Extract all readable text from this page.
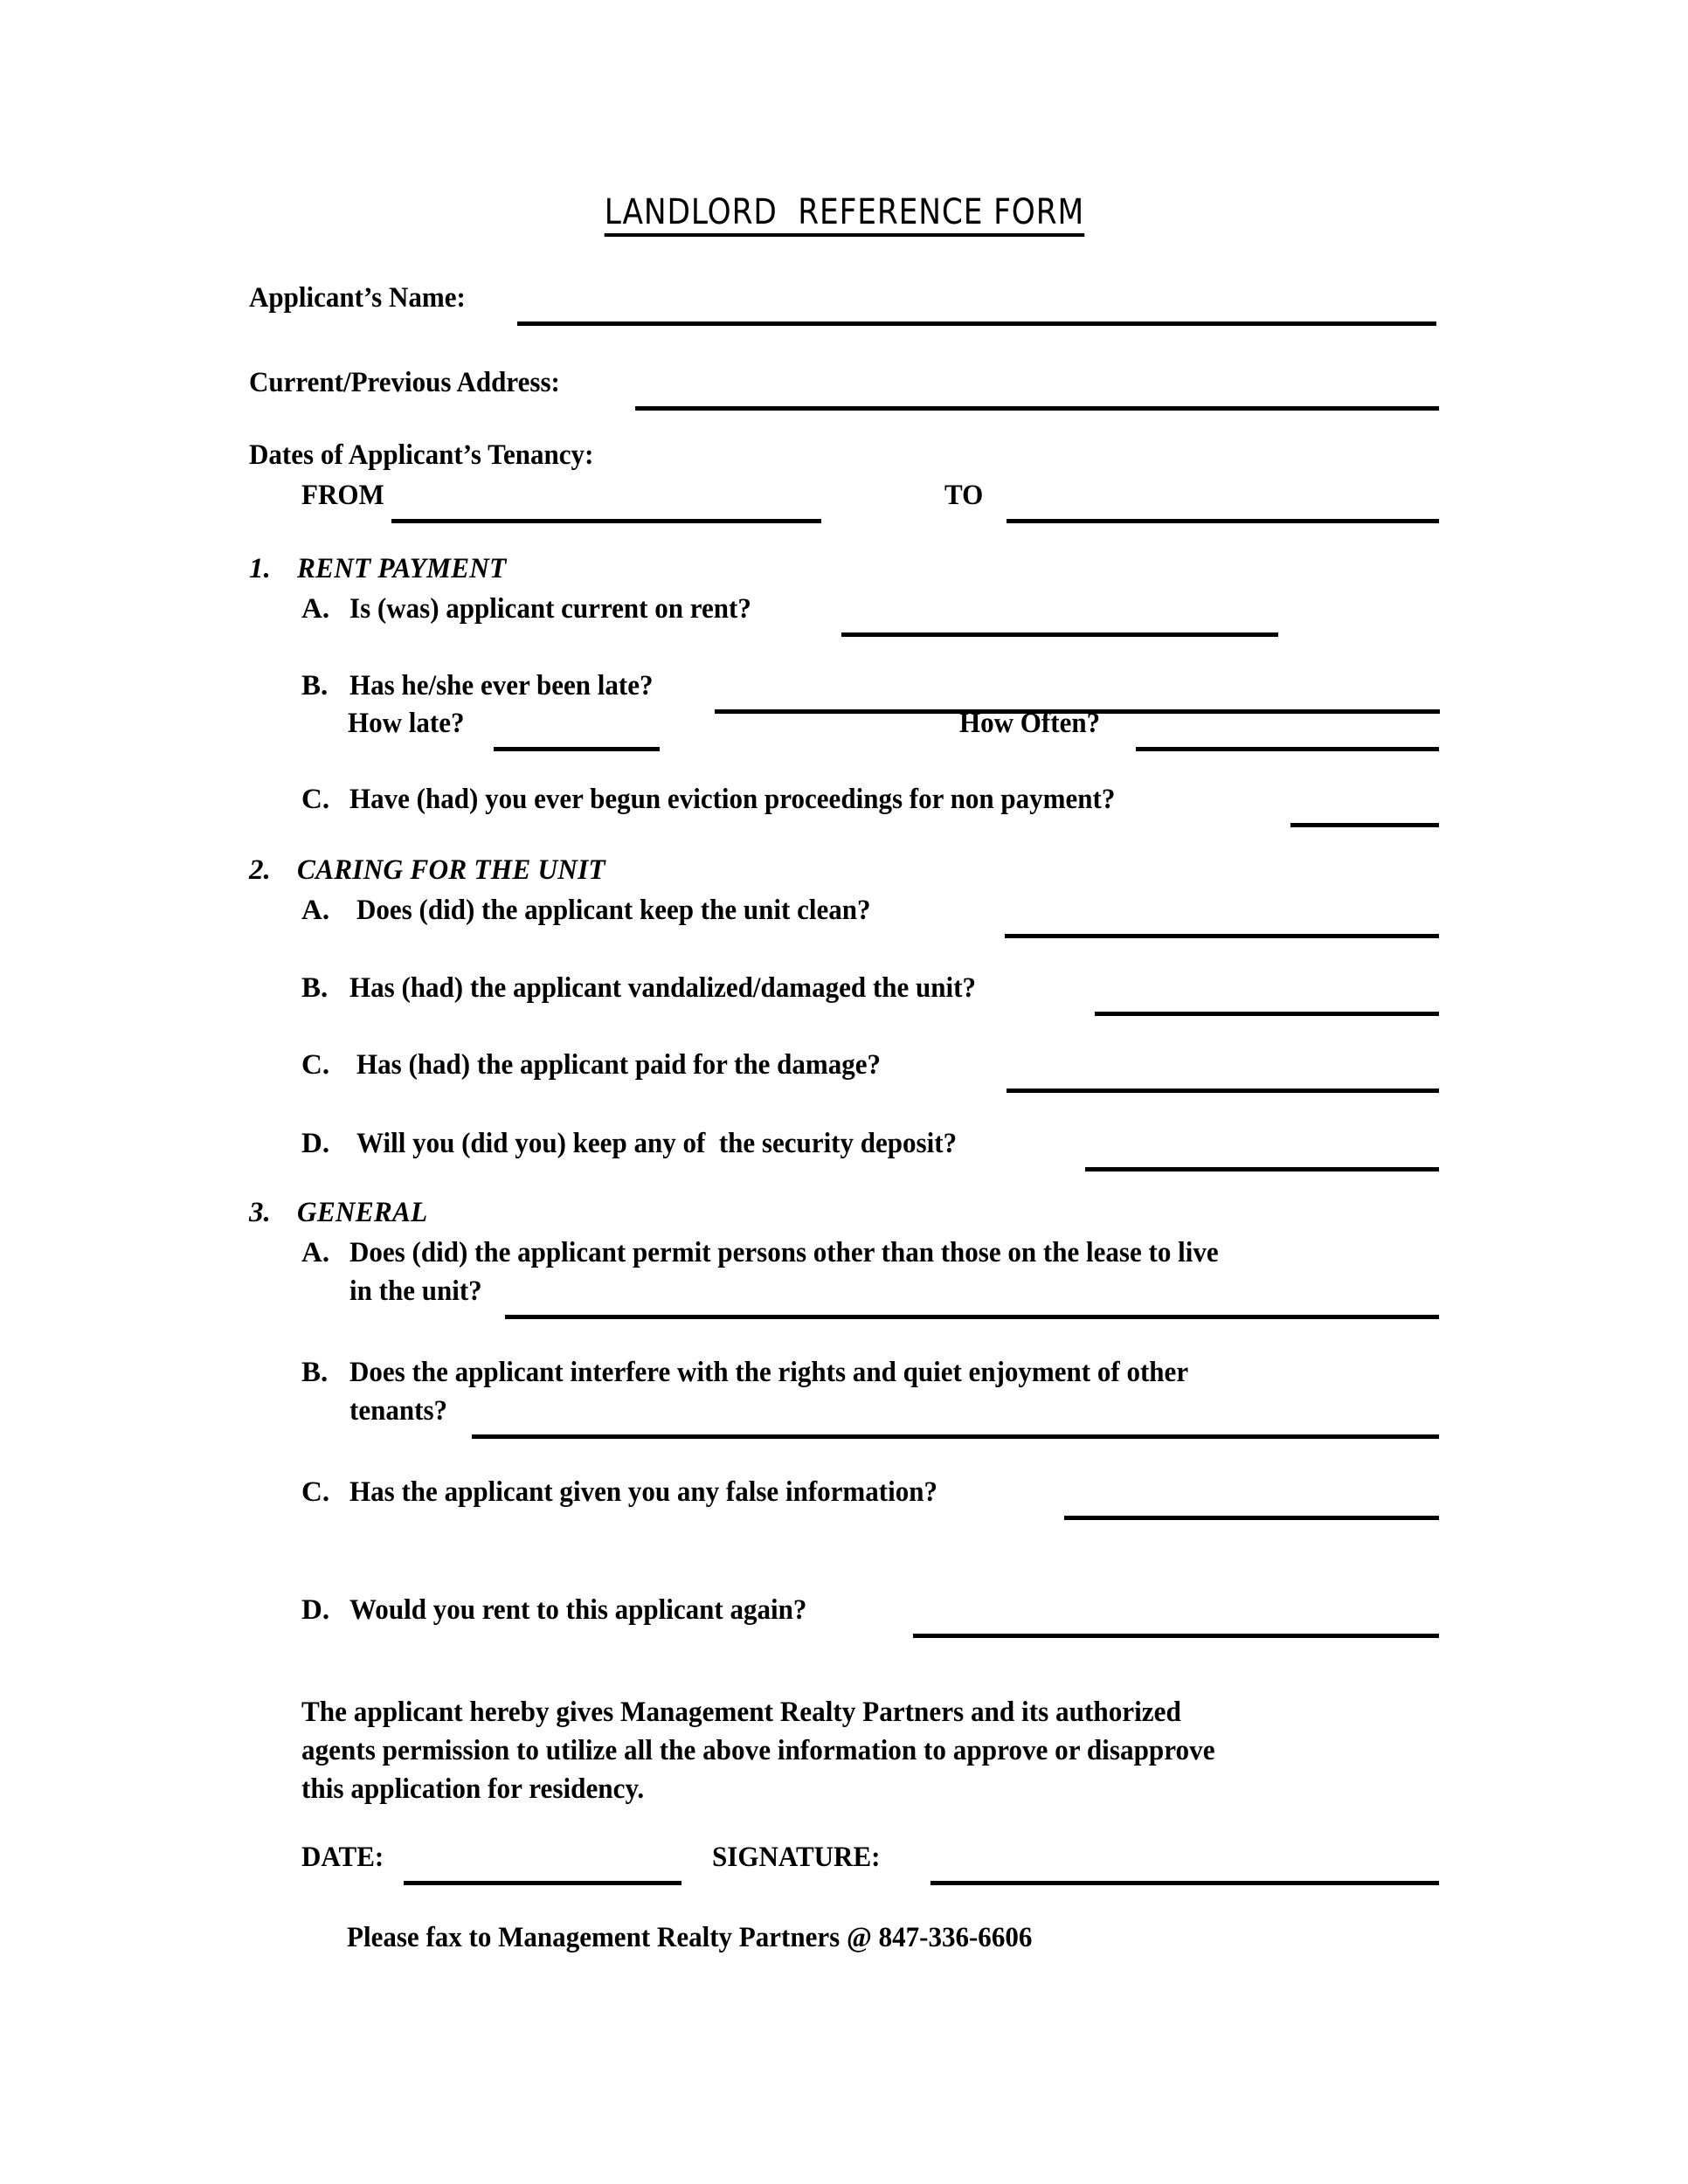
LANDLORD  REFERENCE FORM
Applicant’s Name:
Current/Previous Address:
Dates of Applicant’s Tenancy:
FROM	TO
1. RENT PAYMENT
A. Is (was) applicant current on rent?
B. Has he/she ever been late?
How late?	How Often?
C. Have (had) you ever begun eviction proceedings for non payment?
2. CARING FOR THE UNIT
A. Does (did) the applicant keep the unit clean?
B. Has (had) the applicant vandalized/damaged the unit?
C. Has (had) the applicant paid for the damage?
D. Will you (did you) keep any of  the security deposit?
3. GENERAL
A. Does (did) the applicant permit persons other than those on the lease to live
in the unit?
B. Does the applicant interfere with the rights and quiet enjoyment of other
tenants?
C. Has the applicant given you any false information?
D. Would you rent to this applicant again?
The applicant hereby gives Management Realty Partners and its authorized
agents permission to utilize all the above information to approve or disapprove
this application for residency.
DATE:	SIGNATURE:
Please fax to Management Realty Partners @ 847-336-6606
